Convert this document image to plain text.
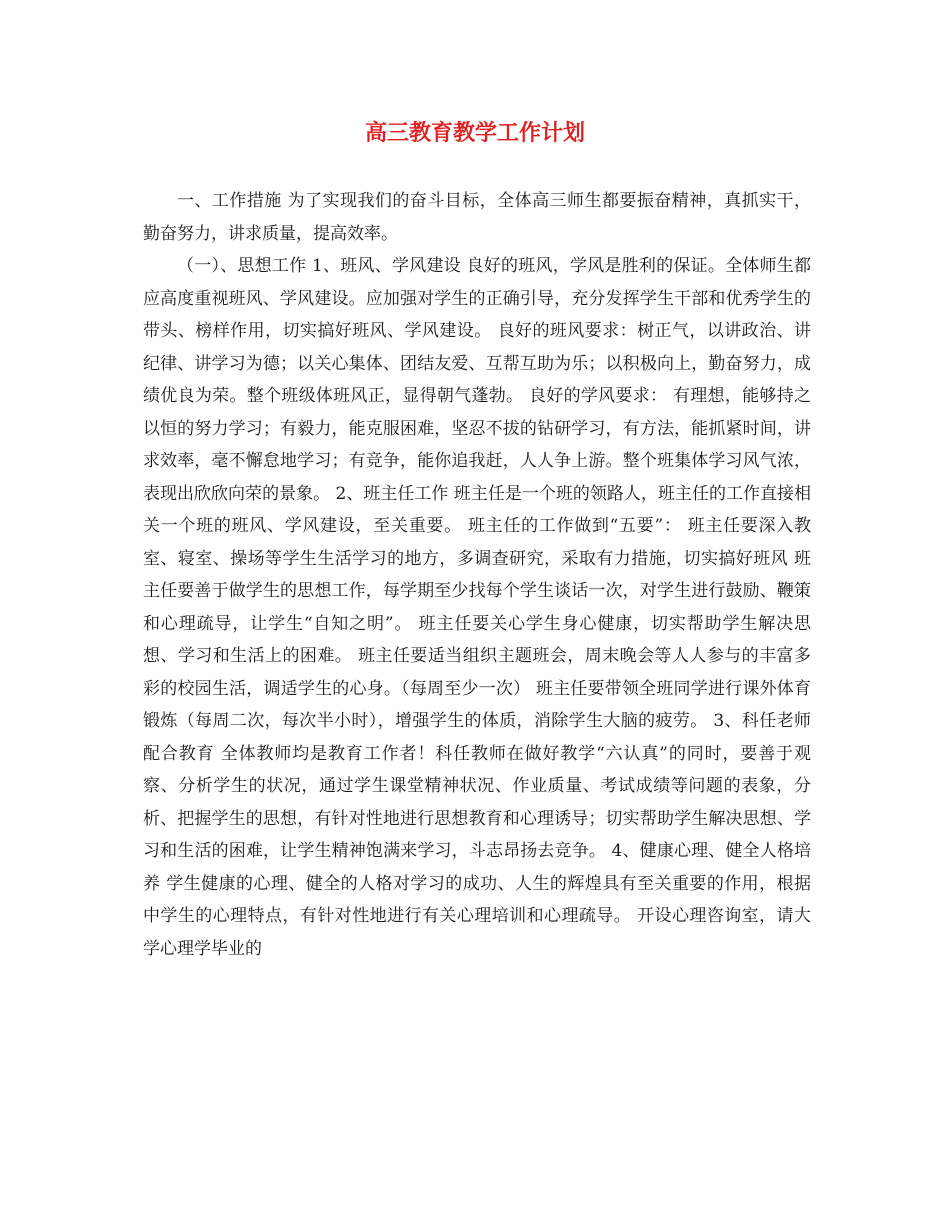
高三教育教学工作计划

一、工作措施 为了实现我们的奋斗目标，全体高三师生都要振奋精神，真抓实干，勤奋努力，讲求质量，提高效率。

（一）、思想工作 1、班风、学风建设 良好的班风，学风是胜利的保证。全体师生都应高度重视班风、学风建设。应加强对学生的正确引导，充分发挥学生干部和优秀学生的带头、榜样作用，切实搞好班风、学风建设。 良好的班风要求：树正气，以讲政治、讲纪律、讲学习为德；以关心集体、团结友爱、互帮互助为乐；以积极向上，勤奋努力，成绩优良为荣。整个班级体班风正，显得朝气蓬勃。 良好的学风要求： 有理想，能够持之以恒的努力学习；有毅力，能克服困难，坚忍不拔的钻研学习，有方法，能抓紧时间，讲求效率，毫不懈怠地学习；有竞争，能你追我赶，人人争上游。整个班集体学习风气浓，表现出欣欣向荣的景象。 2、班主任工作 班主任是一个班的领路人，班主任的工作直接相关一个班的班风、学风建设，至关重要。 班主任的工作做到“五要”： 班主任要深入教室、寝室、操场等学生生活学习的地方，多调查研究，采取有力措施，切实搞好班风 班主任要善于做学生的思想工作，每学期至少找每个学生谈话一次，对学生进行鼓励、鞭策和心理疏导，让学生“自知之明”。 班主任要关心学生身心健康，切实帮助学生解决思想、学习和生活上的困难。 班主任要适当组织主题班会，周末晚会等人人参与的丰富多彩的校园生活，调适学生的心身。（每周至少一次） 班主任要带领全班同学进行课外体育锻炼（每周二次，每次半小时），增强学生的体质，消除学生大脑的疲劳。 3、科任老师配合教育 全体教师均是教育工作者！科任教师在做好教学“六认真”的同时，要善于观察、分析学生的状况，通过学生课堂精神状况、作业质量、考试成绩等问题的表象，分析、把握学生的思想，有针对性地进行思想教育和心理诱导；切实帮助学生解决思想、学习和生活的困难，让学生精神饱满来学习，斗志昂扬去竞争。 4、健康心理、健全人格培养 学生健康的心理、健全的人格对学习的成功、人生的辉煌具有至关重要的作用，根据中学生的心理特点，有针对性地进行有关心理培训和心理疏导。 开设心理咨询室，请大学心理学毕业的
